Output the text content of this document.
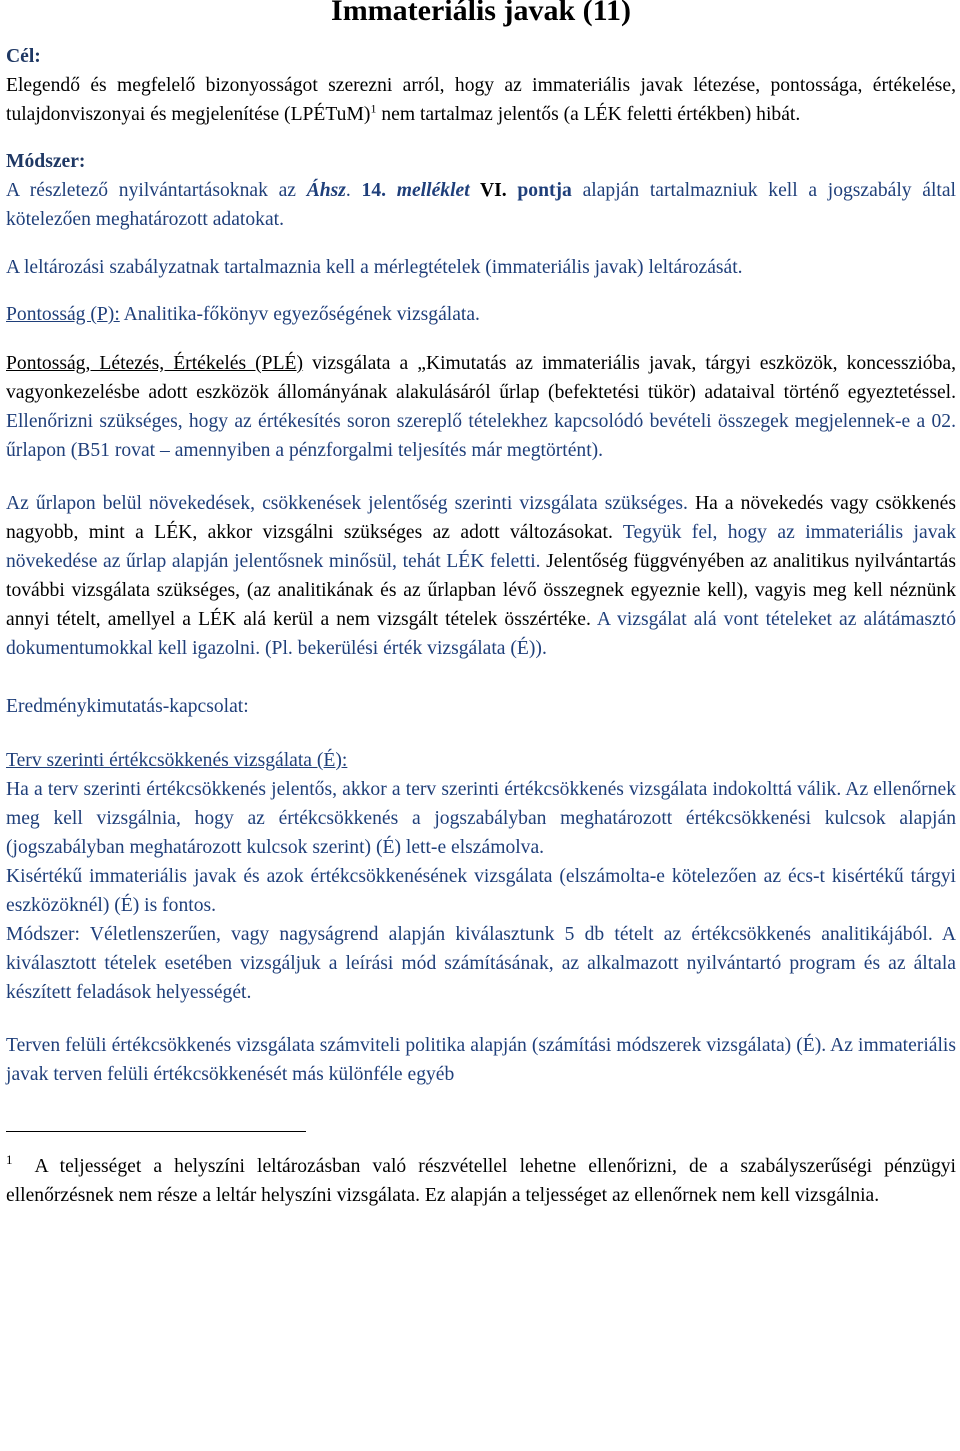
Immateriális javak (11)

Cél:

Elegendő és megfelelő bizonyosságot szerezni arról, hogy az immateriális javak létezése, pontossága, értékelése, tulajdonviszonyai és megjelenítése (LPÉTuM)$^1$ nem tartalmaz jelentős (a LÉK feletti értékben) hibát.

Módszer:

A részletező nyilvántartásoknak az Áhsz. 14. melléklet VI. pontja alapján tartalmazniuk kell a jogszabály által kötelezően meghatározott adatokat.

A leltározási szabályzatnak tartalmaznia kell a mérlegtételek (immateriális javak) leltározását.

Pontosság (P): Analitika-főkönyv egyezőségének vizsgálata.

Pontosság, Létezés, Értékelés (PLÉ) vizsgálata a „Kimutatás az immateriális javak, tárgyi eszközök, koncesszióba, vagyonkezelésbe adott eszközök állományának alakulásáról űrlap (befektetési tükör) adataival történő egyeztetéssel. Ellenőrizni szükséges, hogy az értékesítés soron szereplő tételekhez kapcsolódó bevételi összegek megjelennek-e a 02. űrlapon (B51 rovat – amennyiben a pénzforgalmi teljesítés már megtörtént).

Az űrlapon belül növekedések, csökkenések jelentőség szerinti vizsgálata szükséges. Ha a növekedés vagy csökkenés nagyobb, mint a LÉK, akkor vizsgálni szükséges az adott változásokat. Tegyük fel, hogy az immateriális javak növekedése az űrlap alapján jelentősnek minősül, tehát LÉK feletti. Jelentőség függvényében az analitikus nyilvántartás további vizsgálata szükséges, (az analitikának és az űrlapban lévő összegnek egyeznie kell), vagyis meg kell néznünk annyi tételt, amellyel a LÉK alá kerül a nem vizsgált tételek összértéke. A vizsgálat alá vont tételeket az alátámasztó dokumentumokkal kell igazolni. (Pl. bekerülési érték vizsgálata (É)).

Eredménykimutatás-kapcsolat:

Terv szerinti értékcsökkenés vizsgálata (É):

Ha a terv szerinti értékcsökkenés jelentős, akkor a terv szerinti értékcsökkenés vizsgálata indokolttá válik. Az ellenőrnek meg kell vizsgálnia, hogy az értékcsökkenés a jogszabályban meghatározott értékcsökkenési kulcsok alapján (jogszabályban meghatározott kulcsok szerint) (É) lett-e elszámolva.

Kisértékű immateriális javak és azok értékcsökkenésének vizsgálata (elszámolta-e kötelezően az écs-t kisértékű tárgyi eszközöknél) (É) is fontos.

Módszer: Véletlenszerűen, vagy nagyságrend alapján kiválasztunk 5 db tételt az értékcsökkenés analitikájából. A kiválasztott tételek esetében vizsgáljuk a leírási mód számításának, az alkalmazott nyilvántartó program és az általa készített feladások helyességét.

Terven felüli értékcsökkenés vizsgálata számviteli politika alapján (számítási módszerek vizsgálata) (É). Az immateriális javak terven felüli értékcsökkenését más különféle egyéb

$^1$ A teljességet a helyszíni leltározásban való részvétellel lehetne ellenőrizni, de a szabályszerűségi pénzügyi ellenőrzésnek nem része a leltár helyszíni vizsgálata. Ez alapján a teljességet az ellenőrnek nem kell vizsgálnia.
